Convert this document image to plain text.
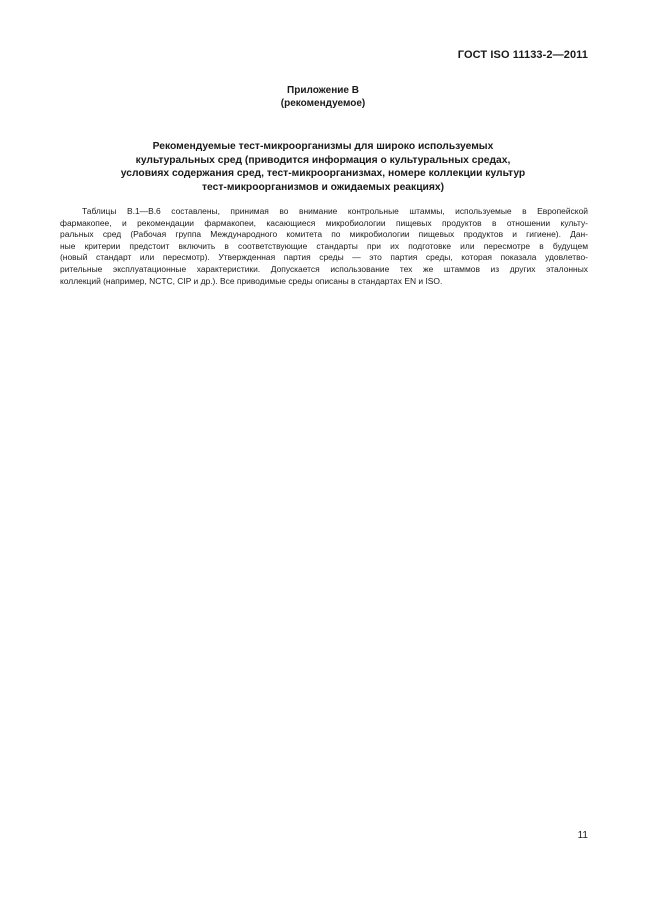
ГОСТ ISO 11133-2—2011
Приложение В
(рекомендуемое)
Рекомендуемые тест-микроорганизмы для широко используемых
культуральных сред (приводится информация о культуральных средах,
условиях содержания сред, тест-микроорганизмах, номере коллекции культур
тест-микроорганизмов и ожидаемых реакциях)
Таблицы В.1—В.6 составлены, принимая во внимание контрольные штаммы, используемые в Европейской
фармакопее, и рекомендации фармакопеи, касающиеся микробиологии пищевых продуктов в отношении культу-
ральных сред (Рабочая группа Международного комитета по микробиологии пищевых продуктов и гигиене). Дан-
ные критерии предстоит включить в соответствующие стандарты при их подготовке или пересмотре в будущем
(новый стандарт или пересмотр). Утвержденная партия среды — это партия среды, которая показала удовлетво-
рительные эксплуатационные характеристики. Допускается использование тех же штаммов из других эталонных
коллекций (например, NCTC, CIP и др.). Все приводимые среды описаны в стандартах EN и ISO.
11
